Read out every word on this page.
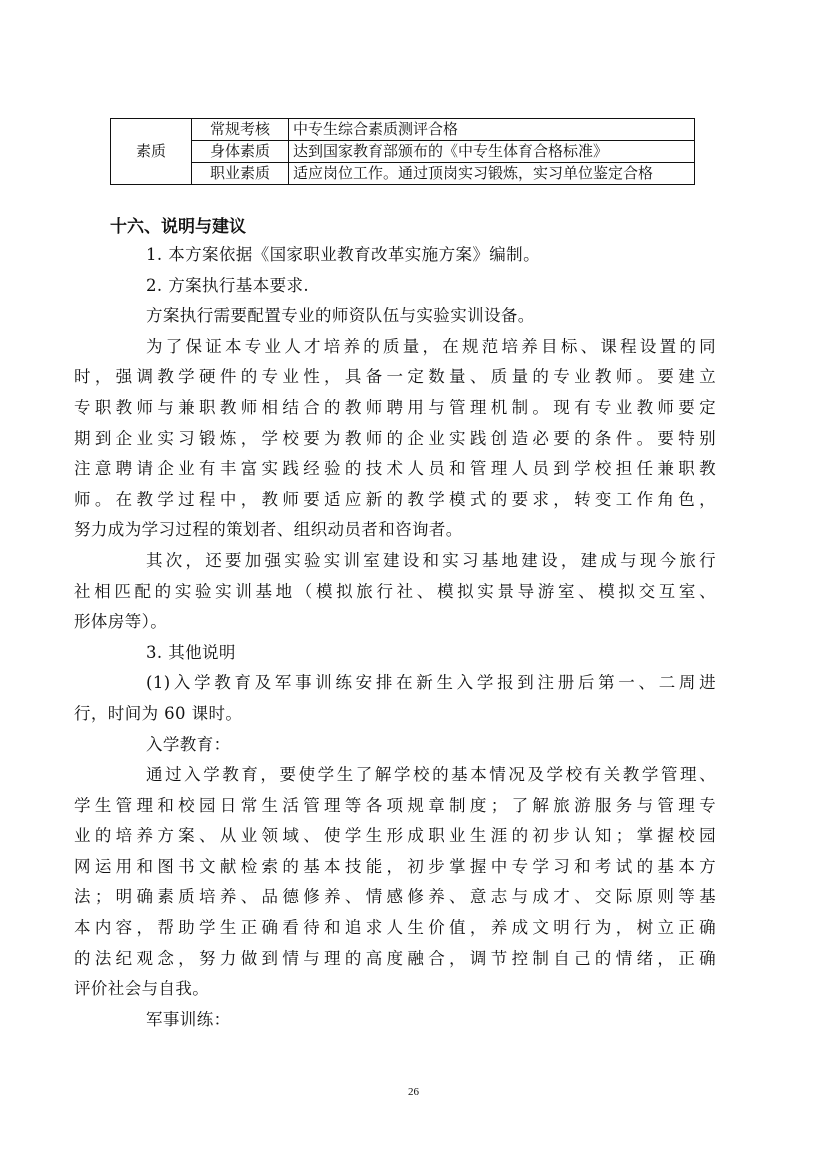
素质	常规考核	中专生综合素质测评合格
	身体素质	达到国家教育部颁布的《中专生体育合格标准》
	职业素质	适应岗位工作。通过顶岗实习锻炼，实习单位鉴定合格
十六、说明与建议
1. 本方案依据《国家职业教育改革实施方案》编制。
2. 方案执行基本要求.
方案执行需要配置专业的师资队伍与实验实训设备。
为了保证本专业人才培养的质量，在规范培养目标、课程设置的同
时，强调教学硬件的专业性，具备一定数量、质量的专业教师。要建立
专职教师与兼职教师相结合的教师聘用与管理机制。现有专业教师要定
期到企业实习锻炼，学校要为教师的企业实践创造必要的条件。要特别
注意聘请企业有丰富实践经验的技术人员和管理人员到学校担任兼职教
师。在教学过程中，教师要适应新的教学模式的要求，转变工作角色，
努力成为学习过程的策划者、组织动员者和咨询者。
其次，还要加强实验实训室建设和实习基地建设，建成与现今旅行
社相匹配的实验实训基地（模拟旅行社、模拟实景导游室、模拟交互室、
形体房等）。
3. 其他说明
(1)入学教育及军事训练安排在新生入学报到注册后第一、二周进
行，时间为 60 课时。
入学教育：
通过入学教育，要使学生了解学校的基本情况及学校有关教学管理、
学生管理和校园日常生活管理等各项规章制度；了解旅游服务与管理专
业的培养方案、从业领域、使学生形成职业生涯的初步认知；掌握校园
网运用和图书文献检索的基本技能，初步掌握中专学习和考试的基本方
法；明确素质培养、品德修养、情感修养、意志与成才、交际原则等基
本内容，帮助学生正确看待和追求人生价值，养成文明行为，树立正确
的法纪观念，努力做到情与理的高度融合，调节控制自己的情绪，正确
评价社会与自我。
军事训练：
26
